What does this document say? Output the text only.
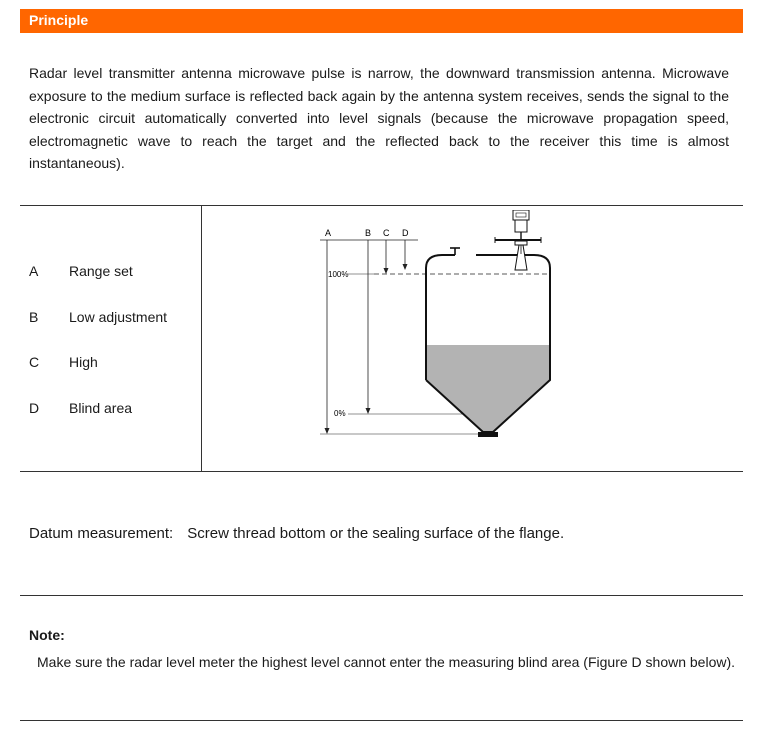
Principle
Radar level transmitter antenna microwave pulse is narrow, the downward transmission antenna. Microwave exposure to the medium surface is reflected back again by the antenna system receives, sends the signal to the electronic circuit automatically converted into level signals (because the microwave propagation speed, electromagnetic wave to reach the target and the reflected back to the receiver this time is almost instantaneous).
A Range set
B Low adjustment
C High
D Blind area
A	B C D
100%
0%
Datum measurement: Screw thread bottom or the sealing surface of the flange.
Note:
Make sure the radar level meter the highest level cannot enter the measuring blind area (Figure D shown below).
